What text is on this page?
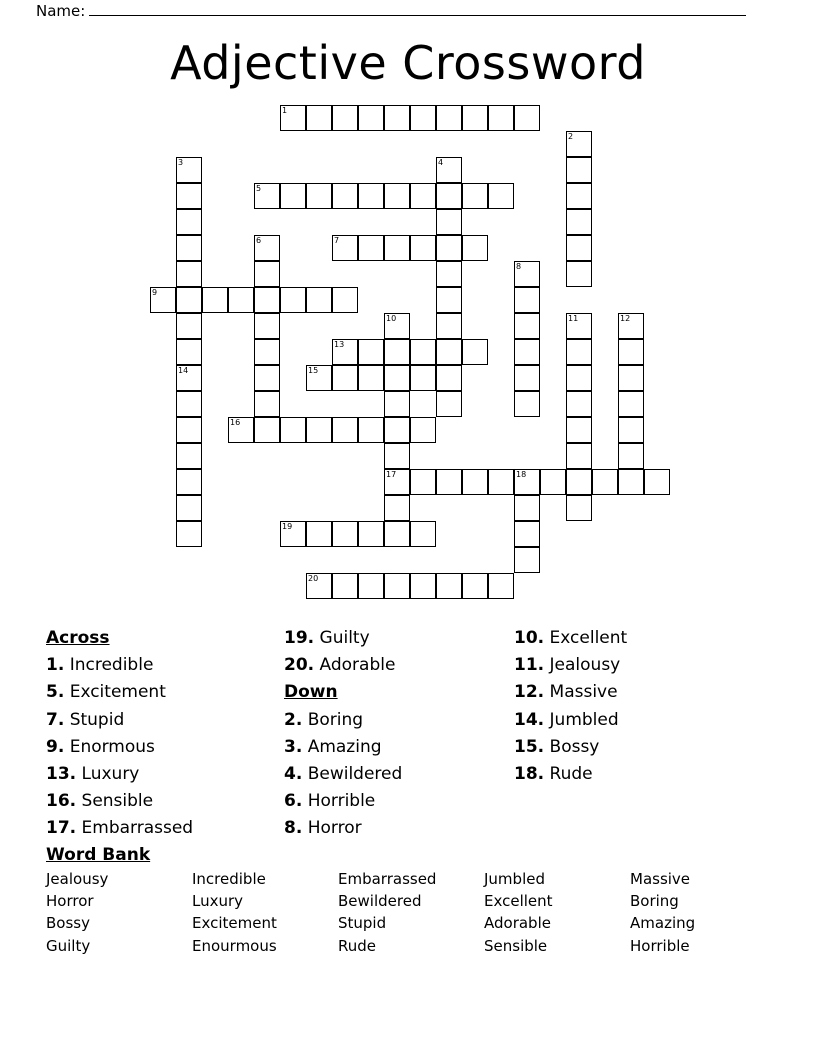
Name:
Adjective Crossword
1
2
3
14
4
5
6	7
8
9
10
17
11	12
13
15
16
18
19
20
Across
1. Incredible
5. Excitement
7. Stupid
9. Enormous
13. Luxury
16. Sensible
17. Embarrassed
19. Guilty
20. Adorable
Down
2. Boring
3. Amazing
4. Bewildered
6. Horrible
8. Horror
10. Excellent
11. Jealousy
12. Massive
14. Jumbled
15. Bossy
18. Rude
Word Bank
Jealousy
Horror
Bossy
Guilty
Incredible
Luxury
Excitement
Enourmous
Embarrassed
Bewildered
Stupid
Rude
Jumbled
Excellent
Adorable
Sensible
Massive
Boring
Amazing
Horrible
